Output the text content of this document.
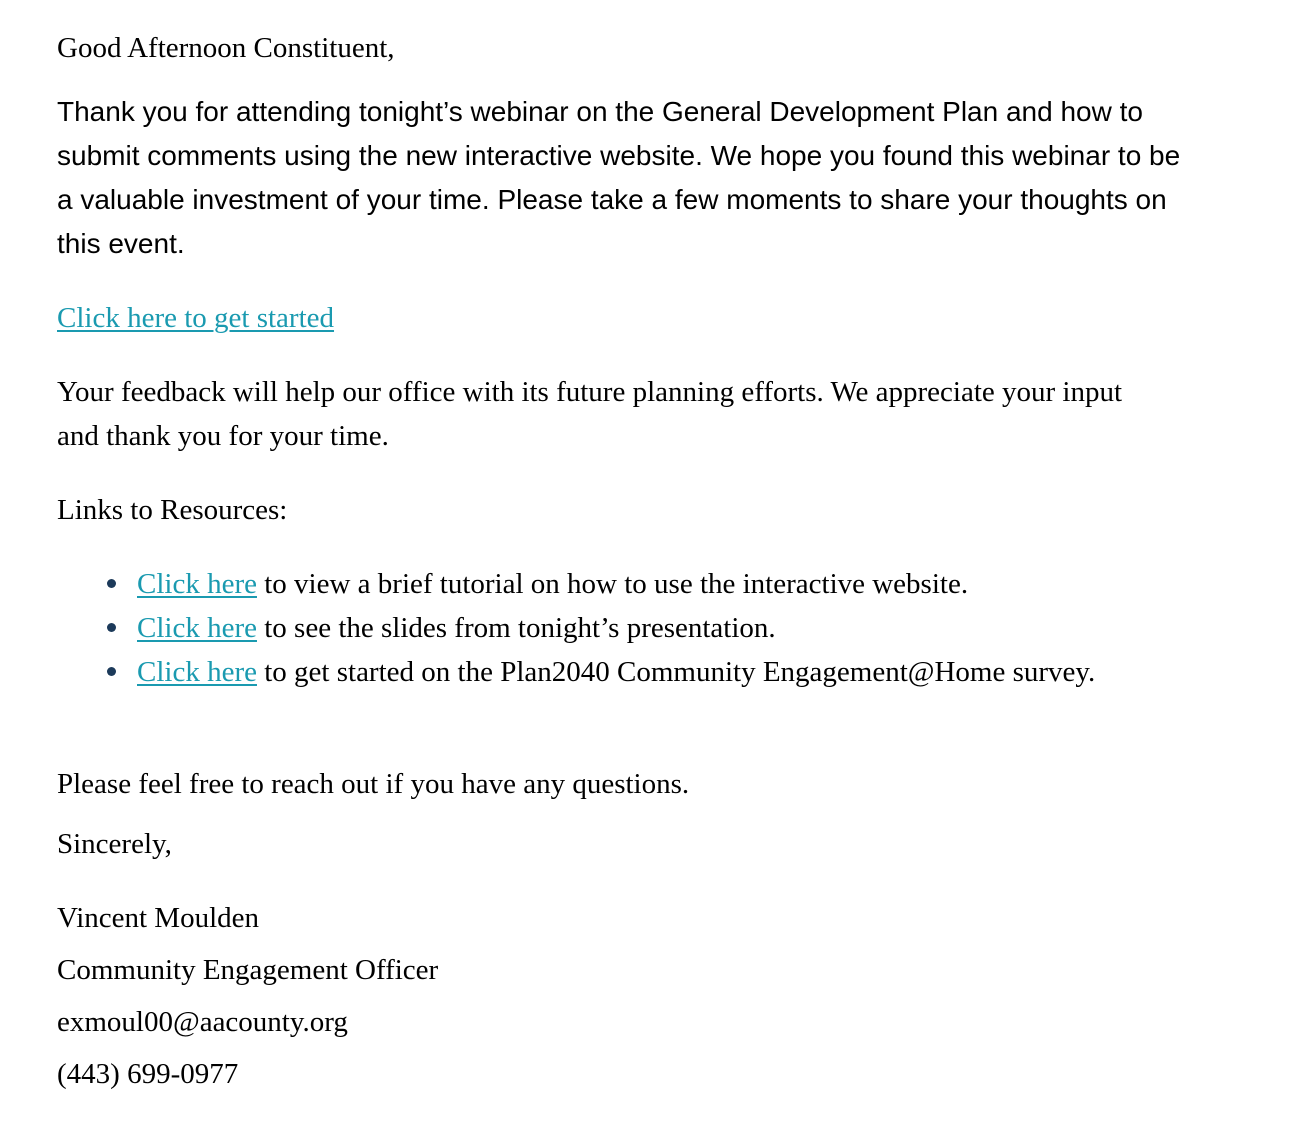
Good Afternoon Constituent,

Thank you for attending tonight’s webinar on the General Development Plan and how to submit comments using the new interactive website. We hope you found this webinar to be a valuable investment of your time. Please take a few moments to share your thoughts on this event.

Click here to get started

Your feedback will help our office with its future planning efforts. We appreciate your input and thank you for your time.

Links to Resources:

Click here to view a brief tutorial on how to use the interactive website.
Click here to see the slides from tonight’s presentation.
Click here to get started on the Plan2040 Community Engagement@Home survey.

Please feel free to reach out if you have any questions.

Sincerely,

Vincent Moulden
Community Engagement Officer
exmoul00@aacounty.org
(443) 699-0977
